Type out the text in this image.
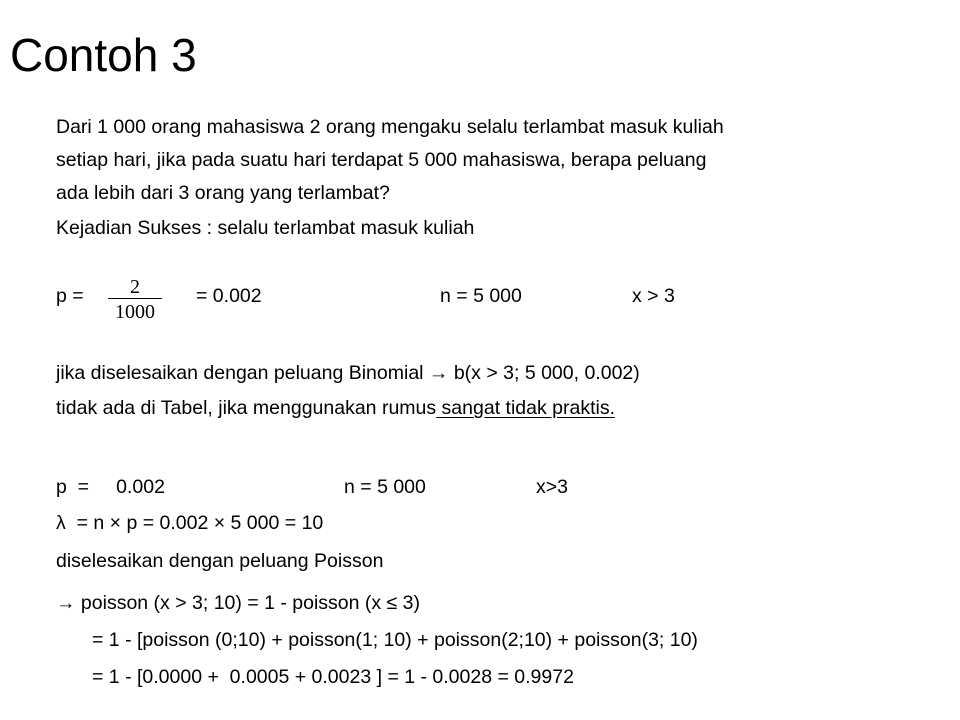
Contoh 3
Dari 1 000 orang mahasiswa 2 orang mengaku selalu terlambat masuk kuliah
setiap hari, jika pada suatu hari terdapat 5 000 mahasiswa, berapa peluang
ada lebih dari 3 orang yang terlambat?
Kejadian Sukses : selalu terlambat masuk kuliah
p =	2
1000
= 0.002	n = 5 000	x > 3
jika diselesaikan dengan peluang Binomial → b(x > 3; 5 000, 0.002)
tidak ada di Tabel, jika menggunakan rumus sangat tidak praktis.
p  =     0.002	n = 5 000	x>3
λ  = n × p = 0.002 × 5 000 = 10
diselesaikan dengan peluang Poisson
→ poisson (x > 3; 10) = 1 - poisson (x ≤ 3)
= 1 - [poisson (0;10) + poisson(1; 10) + poisson(2;10) + poisson(3; 10)
= 1 - [0.0000 +  0.0005 + 0.0023 ] = 1 - 0.0028 = 0.9972
